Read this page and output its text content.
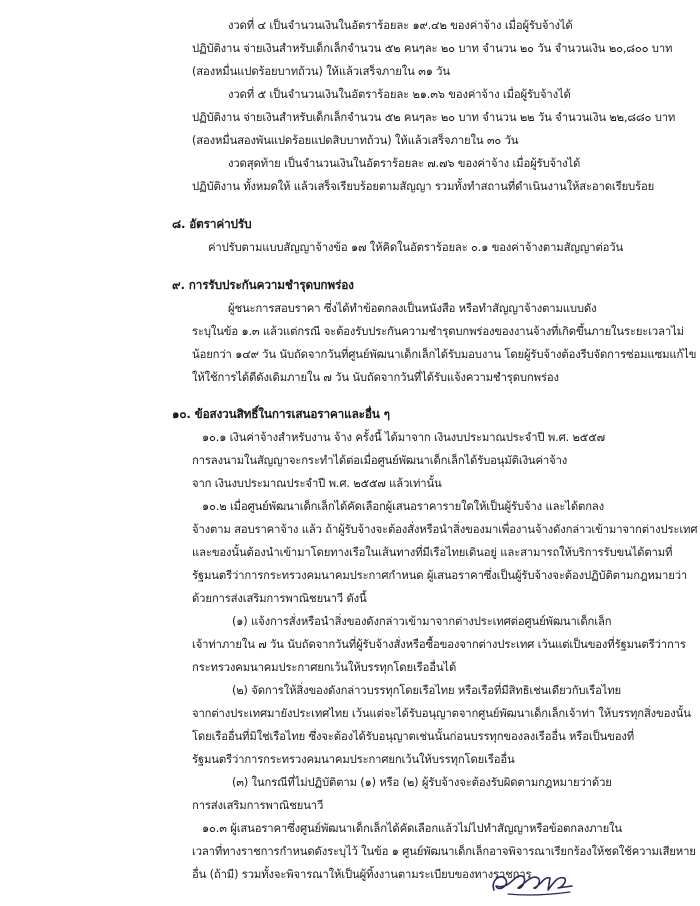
งวดที่ ๔ เป็นจำนวนเงินในอัตราร้อยละ ๑๙.๔๒ ของค่าจ้าง เมื่อผู้รับจ้างได้
ปฏิบัติงาน จ่ายเงินสำหรับเด็กเล็กจำนวน ๕๒ คนๆละ ๒๐ บาท จำนวน ๒๐ วัน จำนวนเงิน ๒๐,๘๐๐ บาท
(สองหมื่นแปดร้อยบาทถ้วน) ให้แล้วเสร็จภายใน ๓๑ วัน
งวดที่ ๕ เป็นจำนวนเงินในอัตราร้อยละ ๒๑.๓๖ ของค่าจ้าง เมื่อผู้รับจ้างได้
ปฏิบัติงาน จ่ายเงินสำหรับเด็กเล็กจำนวน ๕๒ คนๆละ ๒๐ บาท จำนวน ๒๒ วัน จำนวนเงิน ๒๒,๘๘๐ บาท
(สองหมื่นสองพันแปดร้อยแปดสิบบาทถ้วน) ให้แล้วเสร็จภายใน ๓๐ วัน
งวดสุดท้าย เป็นจำนวนเงินในอัตราร้อยละ ๗.๗๖ ของค่าจ้าง เมื่อผู้รับจ้างได้
ปฏิบัติงาน ทั้งหมดให้ แล้วเสร็จเรียบร้อยตามสัญญา รวมทั้งทำสถานที่ดำเนินงานให้สะอาดเรียบร้อย
๘. อัตราค่าปรับ
ค่าปรับตามแบบสัญญาจ้างข้อ ๑๗ ให้คิดในอัตราร้อยละ ๐.๑ ของค่าจ้างตามสัญญาต่อวัน
๙. การรับประกันความชำรุดบกพร่อง
ผู้ชนะการสอบราคา ซึ่งได้ทำข้อตกลงเป็นหนังสือ หรือทำสัญญาจ้างตามแบบดัง
ระบุในข้อ ๑.๓ แล้วแต่กรณี จะต้องรับประกันความชำรุดบกพร่องของงานจ้างที่เกิดขึ้นภายในระยะเวลาไม่
น้อยกว่า ๑๔๙ วัน นับถัดจากวันที่ศูนย์พัฒนาเด็กเล็กได้รับมอบงาน โดยผู้รับจ้างต้องรีบจัดการซ่อมแซมแก้ไข
ให้ใช้การได้ดีดังเดิมภายใน ๗ วัน นับถัดจากวันที่ได้รับแจ้งความชำรุดบกพร่อง
๑๐. ข้อสงวนสิทธิ์ในการเสนอราคาและอื่น ๆ
๑๐.๑ เงินค่าจ้างสำหรับงาน จ้าง ครั้งนี้ ได้มาจาก เงินงบประมาณประจำปี พ.ศ. ๒๕๕๗
การลงนามในสัญญาจะกระทำได้ต่อเมื่อศูนย์พัฒนาเด็กเล็กได้รับอนุมัติเงินค่าจ้าง
จาก เงินงบประมาณประจำปี พ.ศ. ๒๕๕๗ แล้วเท่านั้น
๑๐.๒ เมื่อศูนย์พัฒนาเด็กเล็กได้คัดเลือกผู้เสนอราคารายใดให้เป็นผู้รับจ้าง และได้ตกลง
จ้างตาม สอบราคาจ้าง แล้ว ถ้าผู้รับจ้างจะต้องสั่งหรือนำสิ่งของมาเพื่องานจ้างดังกล่าวเข้ามาจากต่างประเทศ
และของนั้นต้องนำเข้ามาโดยทางเรือในเส้นทางที่มีเรือไทยเดินอยู่ และสามารถให้บริการรับขนได้ตามที่
รัฐมนตรีว่าการกระทรวงคมนาคมประกาศกำหนด ผู้เสนอราคาซึ่งเป็นผู้รับจ้างจะต้องปฏิบัติตามกฎหมายว่า
ด้วยการส่งเสริมการพาณิชยนาวี ดังนี้
(๑) แจ้งการสั่งหรือนำสิ่งของดังกล่าวเข้ามาจากต่างประเทศต่อศูนย์พัฒนาเด็กเล็ก
เจ้าท่าภายใน ๗ วัน นับถัดจากวันที่ผู้รับจ้างสั่งหรือซื้อของจากต่างประเทศ เว้นแต่เป็นของที่รัฐมนตรีว่าการ
กระทรวงคมนาคมประกาศยกเว้นให้บรรทุกโดยเรืออื่นได้
(๒) จัดการให้สิ่งของดังกล่าวบรรทุกโดยเรือไทย หรือเรือที่มีสิทธิเช่นเดียวกับเรือไทย
จากต่างประเทศมายังประเทศไทย เว้นแต่จะได้รับอนุญาตจากศูนย์พัฒนาเด็กเล็กเจ้าท่า ให้บรรทุกสิ่งของนั้น
โดยเรืออื่นที่มิใช่เรือไทย ซึ่งจะต้องได้รับอนุญาตเช่นนั้นก่อนบรรทุกของลงเรืออื่น หรือเป็นของที่
รัฐมนตรีว่าการกระทรวงคมนาคมประกาศยกเว้นให้บรรทุกโดยเรืออื่น
(๓) ในกรณีที่ไม่ปฏิบัติตาม (๑) หรือ (๒) ผู้รับจ้างจะต้องรับผิดตามกฎหมายว่าด้วย
การส่งเสริมการพาณิชยนาวี
๑๐.๓ ผู้เสนอราคาซึ่งศูนย์พัฒนาเด็กเล็กได้คัดเลือกแล้วไม่ไปทำสัญญาหรือข้อตกลงภายใน
เวลาที่ทางราชการกำหนดดังระบุไว้ ในข้อ ๑ ศูนย์พัฒนาเด็กเล็กอาจพิจารณาเรียกร้องให้ชดใช้ความเสียหาย
อื่น (ถ้ามี) รวมทั้งจะพิจารณาให้เป็นผู้ทิ้งงานตามระเบียบของทางราชการ
